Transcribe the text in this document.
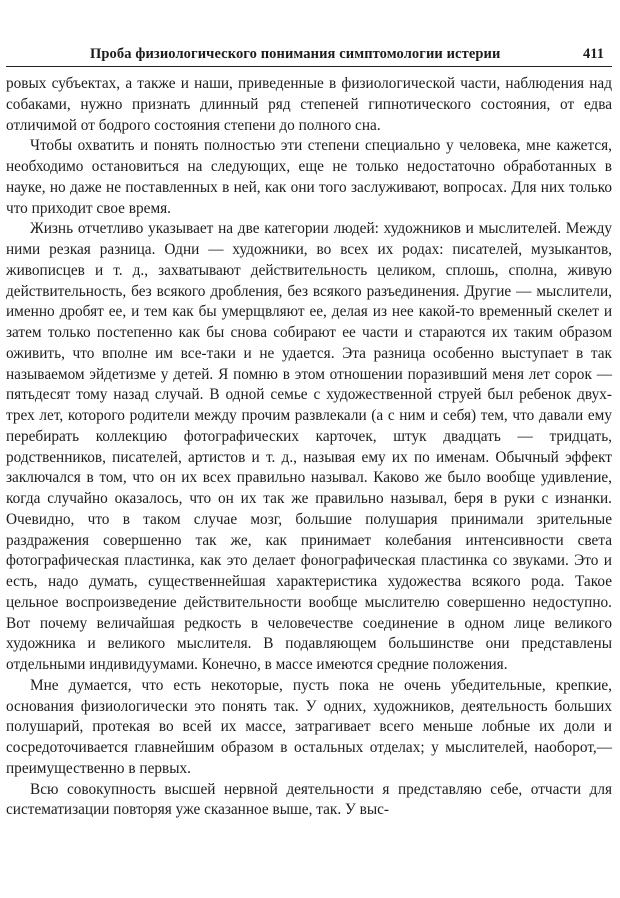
Проба физиологического понимания симптомологии истерии	411

ровых субъектах, а также и наши, приведенные в физиологической части, наблюдения над собаками, нужно признать длинный ряд степеней гипнотического состояния, от едва отличимой от бодрого состояния степени до полного сна.

Чтобы охватить и понять полностью эти степени специально у человека, мне кажется, необходимо остановиться на следующих, еще не только недостаточно обработанных в науке, но даже не поставленных в ней, как они того заслуживают, вопросах. Для них только что приходит свое время.

Жизнь отчетливо указывает на две категории людей: художников и мыслителей. Между ними резкая разница. Одни — художники, во всех их родах: писателей, музыкантов, живописцев и т. д., захватывают действительность целиком, сплошь, сполна, живую действительность, без всякого дробления, без всякого разъединения. Другие — мыслители, именно дробят ее, и тем как бы умерщвляют ее, делая из нее какой-то временный скелет и затем только постепенно как бы снова собирают ее части и стараются их таким образом оживить, что вполне им все-таки и не удается. Эта разница особенно выступает в так называемом эйдетизме у детей. Я помню в этом отношении поразивший меня лет сорок — пятьдесят тому назад случай. В одной семье с художественной струей был ребенок двух-трех лет, которого родители между прочим развлекали (а с ним и себя) тем, что давали ему перебирать коллекцию фотографических карточек, штук двадцать — тридцать, родственников, писателей, артистов и т. д., называя ему их по именам. Обычный эффект заключался в том, что он их всех правильно называл. Каково же было вообще удивление, когда случайно оказалось, что он их так же правильно называл, беря в руки с изнанки. Очевидно, что в таком случае мозг, большие полушария принимали зрительные раздражения совершенно так же, как принимает колебания интенсивности света фотографическая пластинка, как это делает фонографическая пластинка со звуками. Это и есть, надо думать, существеннейшая характеристика художества всякого рода. Такое цельное воспроизведение действительности вообще мыслителю совершенно недоступно. Вот почему величайшая редкость в человечестве соединение в одном лице великого художника и великого мыслителя. В подавляющем большинстве они представлены отдельными индивидуумами. Конечно, в массе имеются средние положения.

Мне думается, что есть некоторые, пусть пока не очень убедительные, крепкие, основания физиологически это понять так. У одних, художников, деятельность больших полушарий, протекая во всей их массе, затрагивает всего меньше лобные их доли и сосредоточивается главнейшим образом в остальных отделах; у мыслителей, наоборот,— преимущественно в первых.

Всю совокупность высшей нервной деятельности я представляю себе, отчасти для систематизации повторяя уже сказанное выше, так. У выс-
